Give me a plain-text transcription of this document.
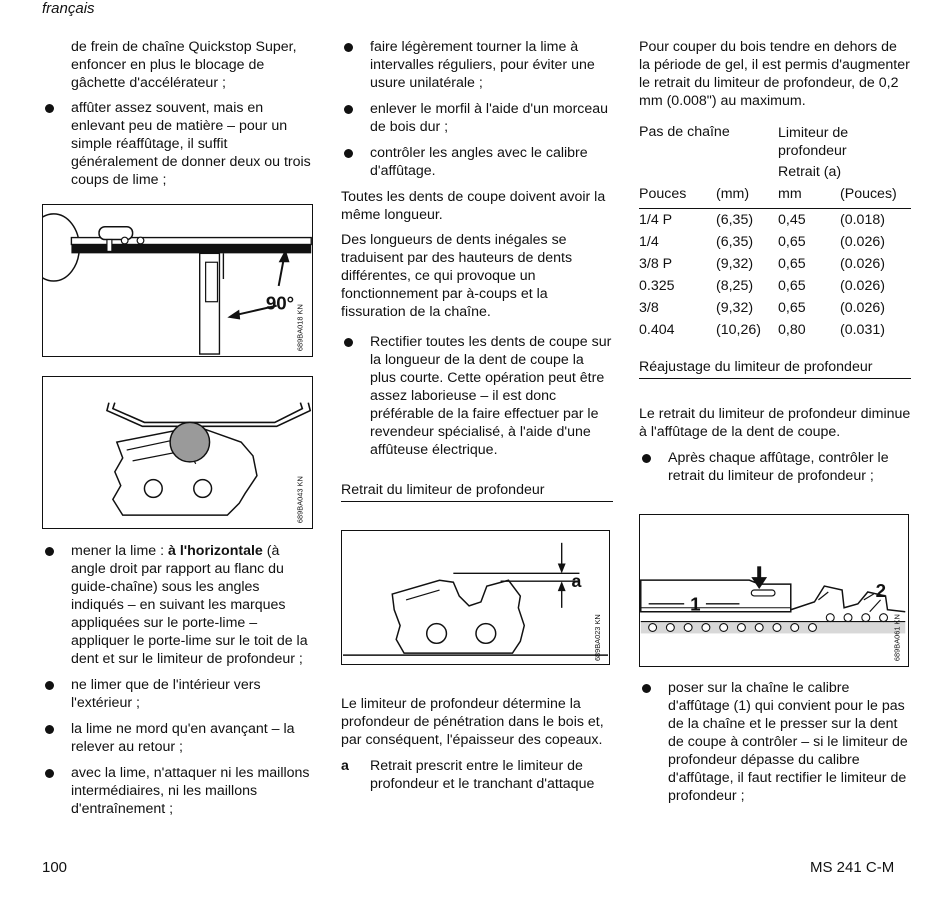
français

de frein de chaîne Quickstop Super, enfoncer en plus le blocage de gâchette d'accélérateur ;

affûter assez souvent, mais en enlevant peu de matière – pour un simple réaffûtage, il suffit généralement de donner deux ou trois coups de lime ;

90°
689BA018 KN
689BA043 KN

mener la lime : à l'horizontale (à angle droit par rapport au flanc du guide-chaîne) sous les angles indiqués – en suivant les marques appliquées sur le porte-lime – appliquer le porte-lime sur le toit de la dent et sur le limiteur de profondeur ;

ne limer que de l'intérieur vers l'extérieur ;

la lime ne mord qu'en avançant – la relever au retour ;

avec la lime, n'attaquer ni les maillons intermédiaires, ni les maillons d'entraînement ;

faire légèrement tourner la lime à intervalles réguliers, pour éviter une usure unilatérale ;

enlever le morfil à l'aide d'un morceau de bois dur ;

contrôler les angles avec le calibre d'affûtage.

Toutes les dents de coupe doivent avoir la même longueur.

Des longueurs de dents inégales se traduisent par des hauteurs de dents différentes, ce qui provoque un fonctionnement par à-coups et la fissuration de la chaîne.

Rectifier toutes les dents de coupe sur la longueur de la dent de coupe la plus courte. Cette opération peut être assez laborieuse – il est donc préférable de la faire effectuer par le revendeur spécialisé, à l'aide d'une affûteuse électrique.

Retrait du limiteur de profondeur

a
689BA023 KN

Le limiteur de profondeur détermine la profondeur de pénétration dans le bois et, par conséquent, l'épaisseur des copeaux.

a Retrait prescrit entre le limiteur de profondeur et le tranchant d'attaque

Pour couper du bois tendre en dehors de la période de gel, il est permis d'augmenter le retrait du limiteur de profondeur, de 0,2 mm (0.008") au maximum.

Pas de chaîne		Limiteur de profondeur	
		Retrait (a)	
Pouces	(mm)	mm	(Pouces)
1/4 P	(6,35)	0,45	(0.018)
1/4	(6,35)	0,65	(0.026)
3/8 P	(9,32)	0,65	(0.026)
0.325	(8,25)	0,65	(0.026)
3/8	(9,32)	0,65	(0.026)
0.404	(10,26)	0,80	(0.031)

Réajustage du limiteur de profondeur

Le retrait du limiteur de profondeur diminue à l'affûtage de la dent de coupe.

Après chaque affûtage, contrôler le retrait du limiteur de profondeur ;

1
2
689BA061 KN

poser sur la chaîne le calibre d'affûtage (1) qui convient pour le pas de la chaîne et le presser sur la dent de coupe à contrôler – si le limiteur de profondeur dépasse du calibre d'affûtage, il faut rectifier le limiteur de profondeur ;

100	MS 241 C-M
